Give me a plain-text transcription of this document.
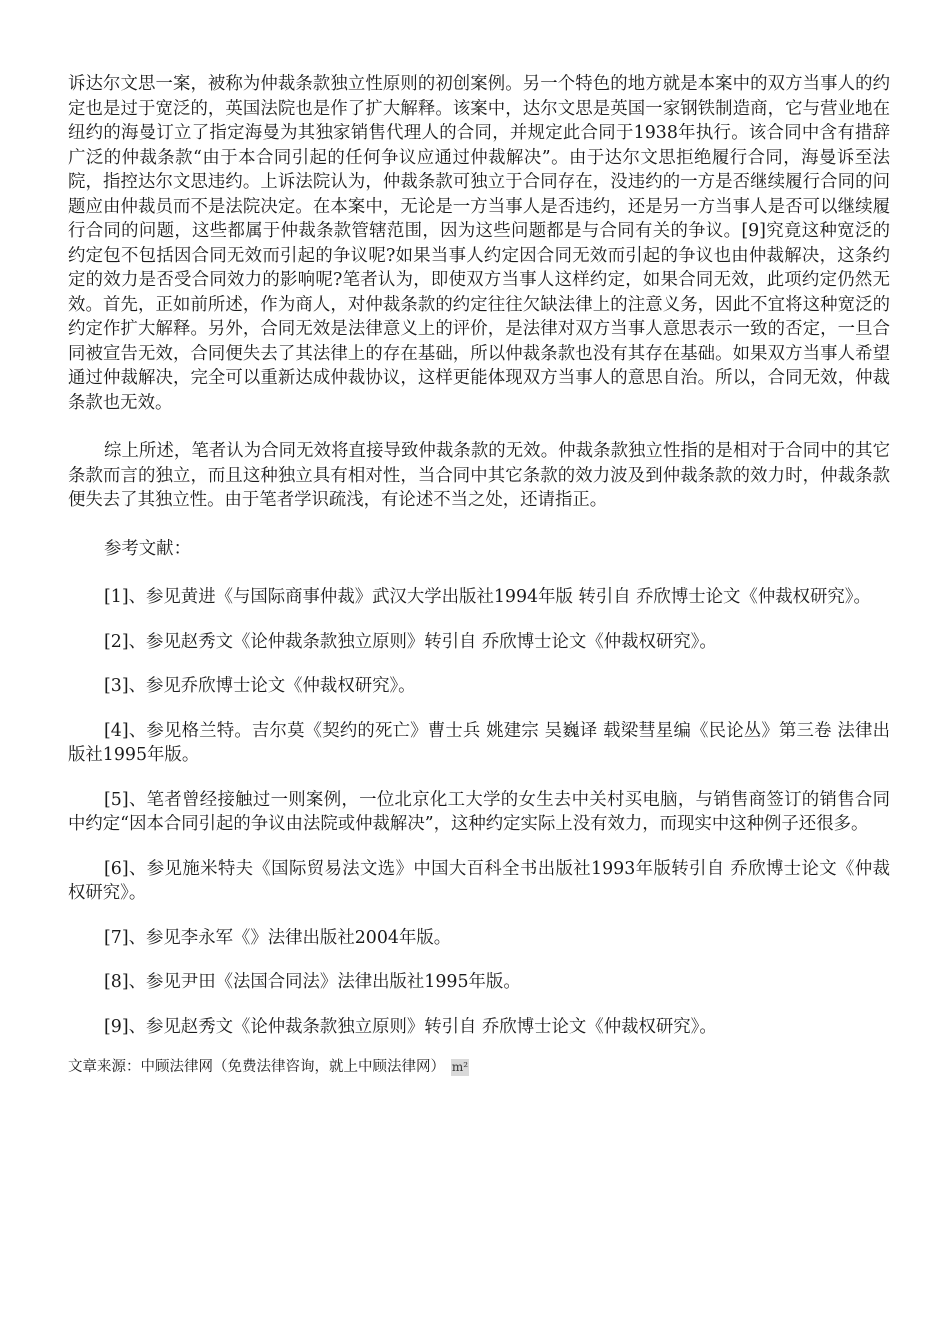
诉达尔文思一案，被称为仲裁条款独立性原则的初创案例。另一个特色的地方就是本案中的双方当事人的约定也是过于宽泛的，英国法院也是作了扩大解释。该案中，达尔文思是英国一家钢铁制造商，它与营业地在纽约的海曼订立了指定海曼为其独家销售代理人的合同，并规定此合同于1938年执行。该合同中含有措辞广泛的仲裁条款“由于本合同引起的任何争议应通过仲裁解决”。由于达尔文思拒绝履行合同，海曼诉至法院，指控达尔文思违约。上诉法院认为，仲裁条款可独立于合同存在，没违约的一方是否继续履行合同的问题应由仲裁员而不是法院决定。在本案中，无论是一方当事人是否违约，还是另一方当事人是否可以继续履行合同的问题，这些都属于仲裁条款管辖范围，因为这些问题都是与合同有关的争议。[9]究竟这种宽泛的约定包不包括因合同无效而引起的争议呢?如果当事人约定因合同无效而引起的争议也由仲裁解决，这条约定的效力是否受合同效力的影响呢?笔者认为，即使双方当事人这样约定，如果合同无效，此项约定仍然无效。首先，正如前所述，作为商人，对仲裁条款的约定往往欠缺法律上的注意义务，因此不宜将这种宽泛的约定作扩大解释。另外，合同无效是法律意义上的评价，是法律对双方当事人意思表示一致的否定，一旦合同被宣告无效，合同便失去了其法律上的存在基础，所以仲裁条款也没有其存在基础。如果双方当事人希望通过仲裁解决，完全可以重新达成仲裁协议，这样更能体现双方当事人的意思自治。所以，合同无效，仲裁条款也无效。

综上所述，笔者认为合同无效将直接导致仲裁条款的无效。仲裁条款独立性指的是相对于合同中的其它条款而言的独立，而且这种独立具有相对性，当合同中其它条款的效力波及到仲裁条款的效力时，仲裁条款便失去了其独立性。由于笔者学识疏浅，有论述不当之处，还请指正。

参考文献：

[1]、参见黄进《与国际商事仲裁》武汉大学出版社1994年版 转引自 乔欣博士论文《仲裁权研究》。

[2]、参见赵秀文《论仲裁条款独立原则》转引自 乔欣博士论文《仲裁权研究》。

[3]、参见乔欣博士论文《仲裁权研究》。

[4]、参见格兰特。吉尔莫《契约的死亡》曹士兵 姚建宗 吴巍译 载梁彗星编《民论丛》第三卷 法律出版社1995年版。

[5]、笔者曾经接触过一则案例，一位北京化工大学的女生去中关村买电脑，与销售商签订的销售合同中约定“因本合同引起的争议由法院或仲裁解决”，这种约定实际上没有效力，而现实中这种例子还很多。

[6]、参见施米特夫《国际贸易法文选》中国大百科全书出版社1993年版转引自 乔欣博士论文《仲裁权研究》。

[7]、参见李永军《》法律出版社2004年版。

[8]、参见尹田《法国合同法》法律出版社1995年版。

[9]、参见赵秀文《论仲裁条款独立原则》转引自 乔欣博士论文《仲裁权研究》。

文章来源：中顾法律网（免费法律咨询，就上中顾法律网） m²
